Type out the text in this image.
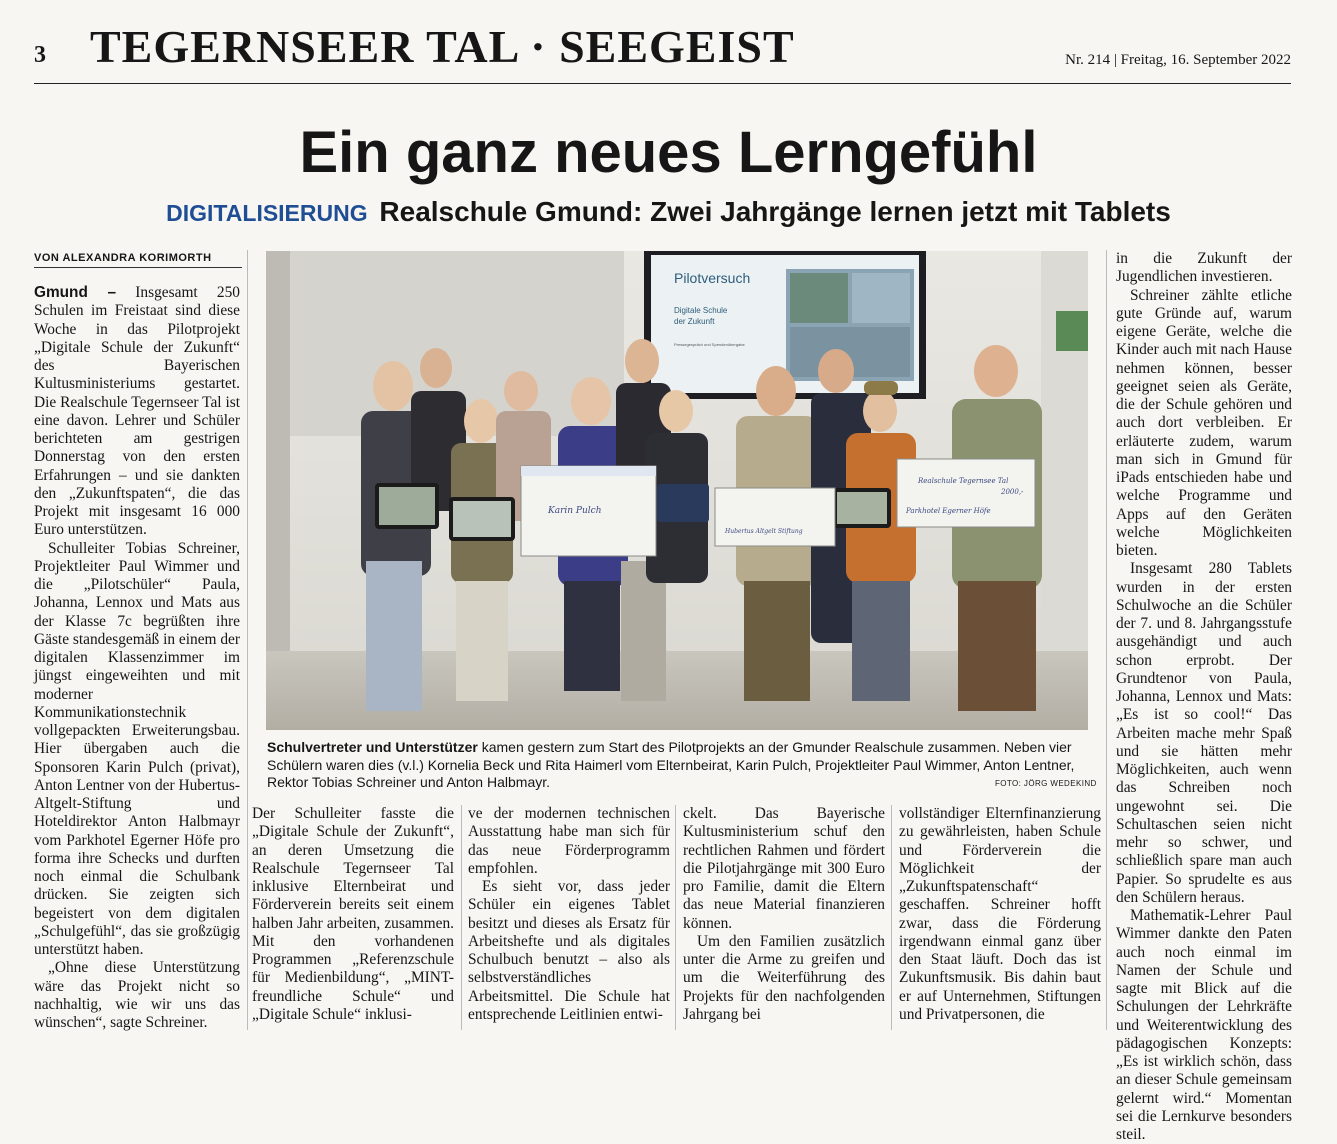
3 TEGERNSEER TAL · SEEGEIST	Nr. 214 | Freitag, 16. September 2022
Ein ganz neues Lerngefühl
DIGITALISIERUNG Realschule Gmund: Zwei Jahrgänge lernen jetzt mit Tablets
VON ALEXANDRA KORIMORTH
Gmund – Insgesamt 250 Schulen im Freistaat sind diese Woche in das Pilotprojekt „Digitale Schule der Zukunft“ des Bayerischen Kultusministeriums gestartet. Die Realschule Tegernseer Tal ist eine davon. Lehrer und Schüler berichteten am gestrigen Donnerstag von den ersten Erfahrungen – und sie dankten den „Zukunftspaten“, die das Projekt mit insgesamt 16 000 Euro unterstützen.
Schulleiter Tobias Schreiner, Projektleiter Paul Wimmer und die „Pilotschüler“ Paula, Johanna, Lennox und Mats aus der Klasse 7c begrüßten ihre Gäste standesgemäß in einem der digitalen Klassenzimmer im jüngst eingeweihten und mit moderner Kommunikationstechnik vollgepackten Erweiterungsbau. Hier übergaben auch die Sponsoren Karin Pulch (privat), Anton Lentner von der Hubertus-Altgelt-Stiftung und Hoteldirektor Anton Halbmayr vom Parkhotel Egerner Höfe pro forma ihre Schecks und durften noch einmal die Schulbank drücken. Sie zeigten sich begeistert von dem digitalen „Schulgefühl“, das sie großzügig unterstützt haben.
„Ohne diese Unterstützung wäre das Projekt nicht so nachhaltig, wie wir uns das wünschen“, sagte Schreiner.
Pilotversuch
Digitale Schule
der Zukunft
Pressegespräch und Spendenübergabe
Karin Pulch
Hubertus Altgelt Stiftung
Realschule Tegernsee Tal
2000,-
Parkhotel Egerner Höfe
Schulvertreter und Unterstützer kamen gestern zum Start des Pilotprojekts an der Gmunder Realschule zusammen. Neben vier Schülern waren dies (v.l.) Kornelia Beck und Rita Haimerl vom Elternbeirat, Karin Pulch, Projektleiter Paul Wimmer, Anton Lentner, Rektor Tobias Schreiner und Anton Halbmayr.	FOTO: JÖRG WEDEKIND
Der Schulleiter fasste die „Digitale Schule der Zukunft“, an deren Umsetzung die Realschule Tegernseer Tal inklusive Elternbeirat und Förderverein bereits seit einem halben Jahr arbeiten, zusammen. Mit den vorhandenen Programmen „Referenzschule für Medienbildung“, „MINT-freundliche Schule“ und „Digitale Schule“ inklusi-
ve der modernen technischen Ausstattung habe man sich für das neue Förderprogramm empfohlen.
Es sieht vor, dass jeder Schüler ein eigenes Tablet besitzt und dieses als Ersatz für Arbeitshefte und als digitales Schulbuch benutzt – also als selbstverständliches Arbeitsmittel. Die Schule hat entsprechende Leitlinien entwi-
ckelt. Das Bayerische Kultusministerium schuf den rechtlichen Rahmen und fördert die Pilotjahrgänge mit 300 Euro pro Familie, damit die Eltern das neue Material finanzieren können.
Um den Familien zusätzlich unter die Arme zu greifen und um die Weiterführung des Projekts für den nachfolgenden Jahrgang bei
vollständiger Elternfinanzierung zu gewährleisten, haben Schule und Förderverein die Möglichkeit der „Zukunftspatenschaft“ geschaffen. Schreiner hofft zwar, dass die Förderung irgendwann einmal ganz über den Staat läuft. Doch das ist Zukunftsmusik. Bis dahin baut er auf Unternehmen, Stiftungen und Privatpersonen, die
in die Zukunft der Jugendlichen investieren.
Schreiner zählte etliche gute Gründe auf, warum eigene Geräte, welche die Kinder auch mit nach Hause nehmen können, besser geeignet seien als Geräte, die der Schule gehören und auch dort verbleiben. Er erläuterte zudem, warum man sich in Gmund für iPads entschieden habe und welche Programme und Apps auf den Geräten welche Möglichkeiten bieten.
Insgesamt 280 Tablets wurden in der ersten Schulwoche an die Schüler der 7. und 8. Jahrgangsstufe ausgehändigt und auch schon erprobt. Der Grundtenor von Paula, Johanna, Lennox und Mats: „Es ist so cool!“ Das Arbeiten mache mehr Spaß und sie hätten mehr Möglichkeiten, auch wenn das Schreiben noch ungewohnt sei. Die Schultaschen seien nicht mehr so schwer, und schließlich spare man auch Papier. So sprudelte es aus den Schülern heraus.
Mathematik-Lehrer Paul Wimmer dankte den Paten auch noch einmal im Namen der Schule und sagte mit Blick auf die Schulungen der Lehrkräfte und Weiterentwicklung des pädagogischen Konzepts: „Es ist wirklich schön, dass an dieser Schule gemeinsam gelernt wird.“ Momentan sei die Lernkurve besonders steil.
